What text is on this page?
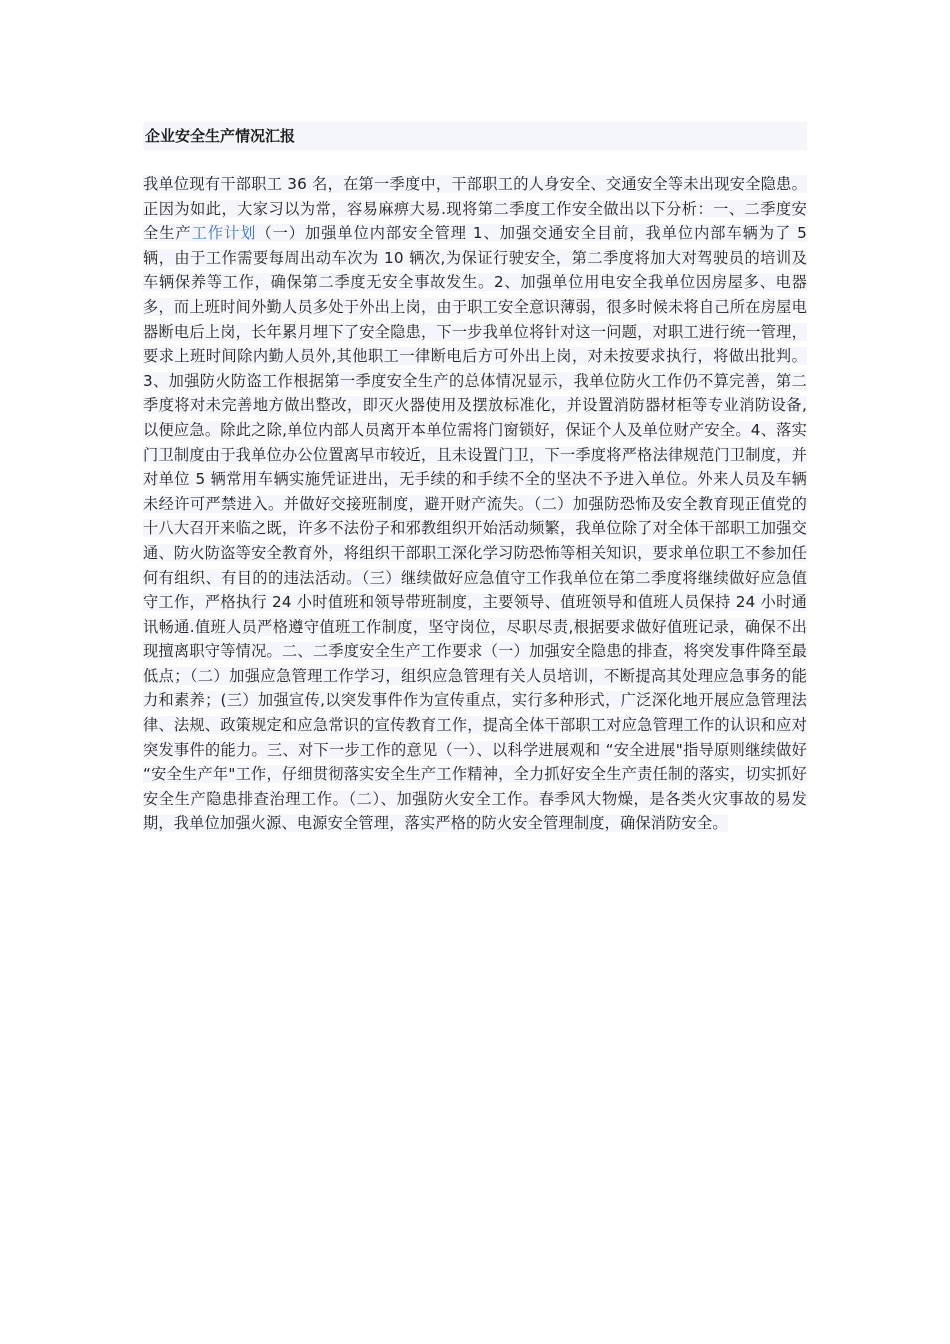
企业安全生产情况汇报
我单位现有干部职工 36 名，在第一季度中，干部职工的人身安全、交通安全等未出现安全隐患。正因为如此，大家习以为常，容易麻痹大易.现将第二季度工作安全做出以下分析：一、二季度安全生产工作计划（一）加强单位内部安全管理 1、加强交通安全目前，我单位内部车辆为了 5 辆，由于工作需要每周出动车次为 10 辆次,为保证行驶安全，第二季度将加大对驾驶员的培训及车辆保养等工作，确保第二季度无安全事故发生。2、加强单位用电安全我单位因房屋多、电器多，而上班时间外勤人员多处于外出上岗，由于职工安全意识薄弱，很多时候未将自己所在房屋电器断电后上岗，长年累月埋下了安全隐患，下一步我单位将针对这一问题，对职工进行统一管理，要求上班时间除内勤人员外,其他职工一律断电后方可外出上岗，对未按要求执行，将做出批判。3、加强防火防盗工作根据第一季度安全生产的总体情况显示，我单位防火工作仍不算完善，第二季度将对未完善地方做出整改，即灭火器使用及摆放标准化，并设置消防器材柜等专业消防设备,以便应急。除此之除,单位内部人员离开本单位需将门窗锁好，保证个人及单位财产安全。4、落实门卫制度由于我单位办公位置离早市较近，且未设置门卫，下一季度将严格法律规范门卫制度，并对单位 5 辆常用车辆实施凭证进出，无手续的和手续不全的坚决不予进入单位。外来人员及车辆未经许可严禁进入。并做好交接班制度，避开财产流失。（二）加强防恐怖及安全教育现正值党的十八大召开来临之既，许多不法份子和邪教组织开始活动频繁，我单位除了对全体干部职工加强交通、防火防盗等安全教育外，将组织干部职工深化学习防恐怖等相关知识，要求单位职工不参加任何有组织、有目的的违法活动。（三）继续做好应急值守工作我单位在第二季度将继续做好应急值守工作，严格执行 24 小时值班和领导带班制度，主要领导、值班领导和值班人员保持 24 小时通讯畅通.值班人员严格遵守值班工作制度，坚守岗位，尽职尽责,根据要求做好值班记录，确保不出现擅离职守等情况。二、二季度安全生产工作要求（一）加强安全隐患的排查，将突发事件降至最低点；（二）加强应急管理工作学习，组织应急管理有关人员培训，不断提高其处理应急事务的能力和素养；(三）加强宣传,以突发事件作为宣传重点，实行多种形式，广泛深化地开展应急管理法律、法规、政策规定和应急常识的宣传教育工作，提高全体干部职工对应急管理工作的认识和应对突发事件的能力。三、对下一步工作的意见（一）、以科学进展观和 “安全进展"指导原则继续做好 “安全生产年"工作，仔细贯彻落实安全生产工作精神，全力抓好安全生产责任制的落实，切实抓好安全生产隐患排查治理工作。（二）、加强防火安全工作。春季风大物燥，是各类火灾事故的易发期，我单位加强火源、电源安全管理，落实严格的防火安全管理制度，确保消防安全。
